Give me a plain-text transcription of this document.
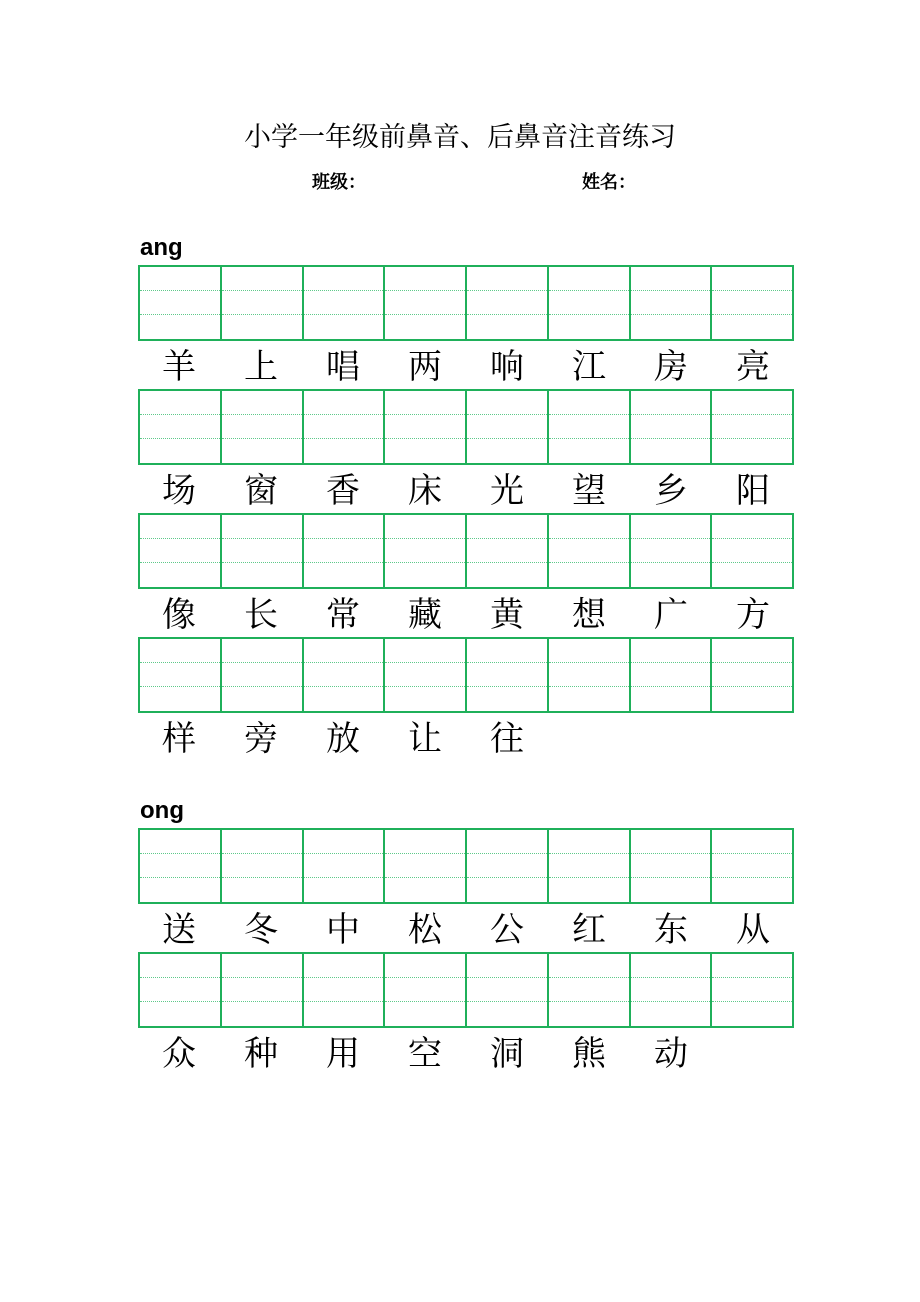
小学一年级前鼻音、后鼻音注音练习
班级：	姓名：
ang
羊	上	唱	两	响	江	房	亮
场	窗	香	床	光	望	乡	阳
像	长	常	藏	黄	想	广	方
样	旁	放	让	往
ong
送	冬	中	松	公	红	东	从
众	种	用	空	洞	熊	动
